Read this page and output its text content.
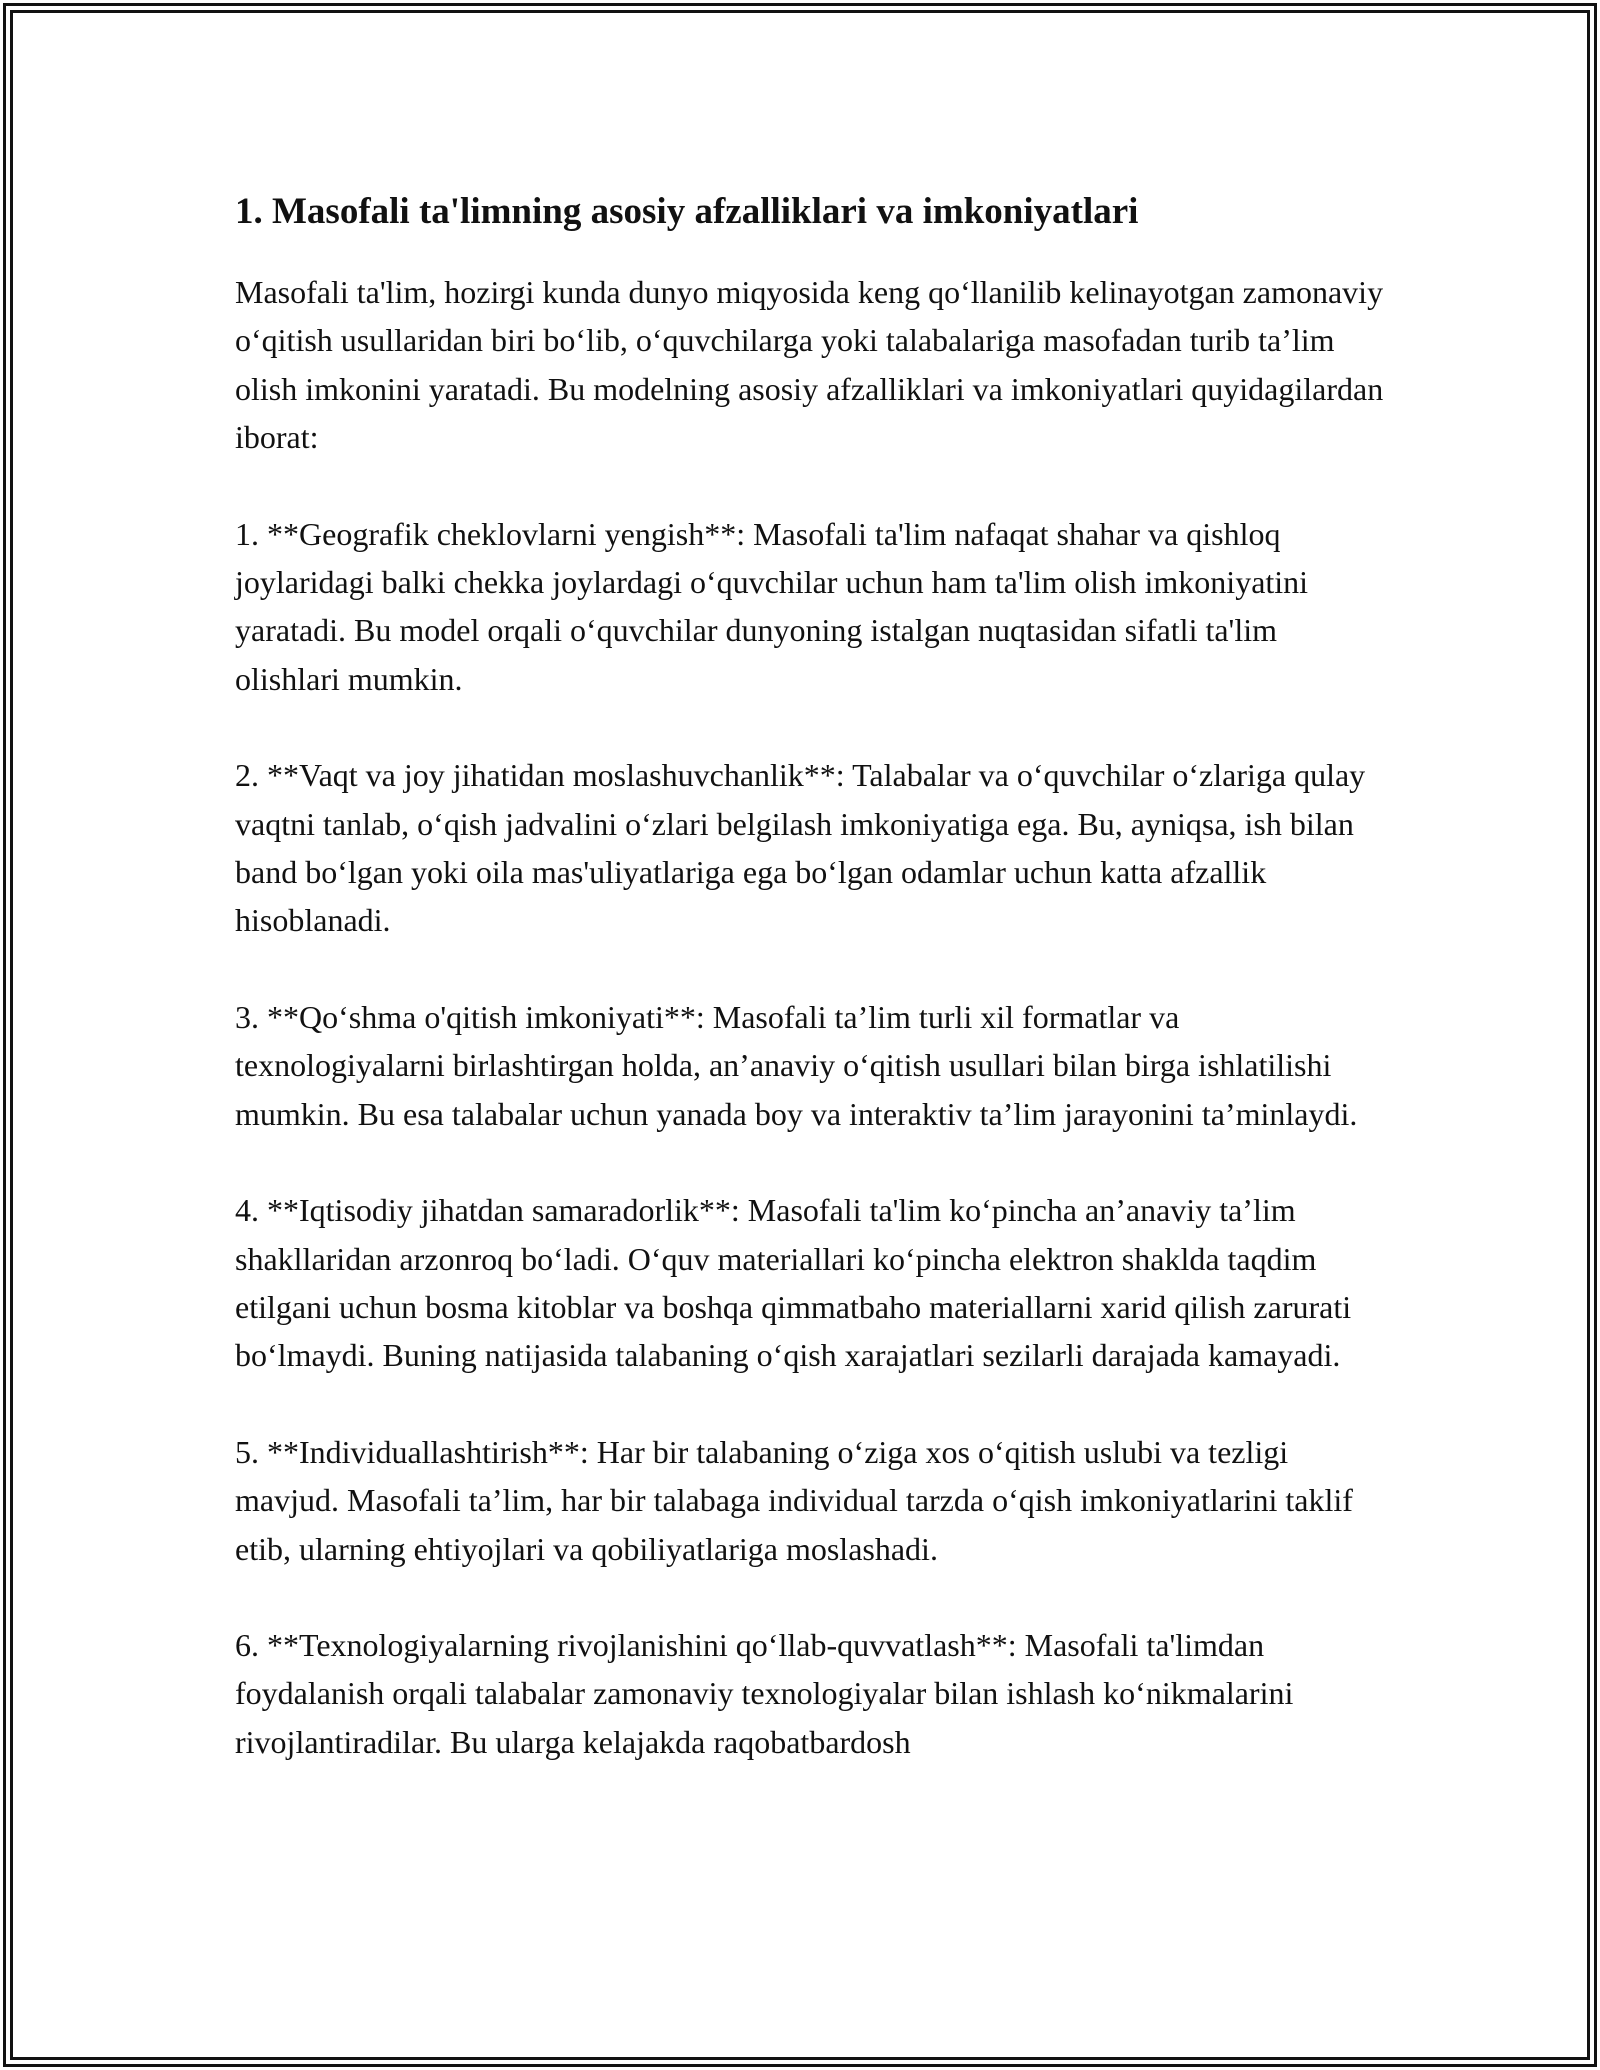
1. Masofali ta'limning asosiy afzalliklari va imkoniyatlari

Masofali ta'lim, hozirgi kunda dunyo miqyosida keng qo‘llanilib kelinayotgan zamonaviy o‘qitish usullaridan biri bo‘lib, o‘quvchilarga yoki talabalariga masofadan turib ta’lim olish imkonini yaratadi. Bu modelning asosiy afzalliklari va imkoniyatlari quyidagilardan iborat:

1. **Geografik cheklovlarni yengish**: Masofali ta'lim nafaqat shahar va qishloq joylaridagi balki chekka joylardagi o‘quvchilar uchun ham ta'lim olish imkoniyatini yaratadi. Bu model orqali o‘quvchilar dunyoning istalgan nuqtasidan sifatli ta'lim olishlari mumkin.

2. **Vaqt va joy jihatidan moslashuvchanlik**: Talabalar va o‘quvchilar o‘zlariga qulay vaqtni tanlab, o‘qish jadvalini o‘zlari belgilash imkoniyatiga ega. Bu, ayniqsa, ish bilan band bo‘lgan yoki oila mas'uliyatlariga ega bo‘lgan odamlar uchun katta afzallik hisoblanadi.

3. **Qo‘shma o'qitish imkoniyati**: Masofali ta’lim turli xil formatlar va texnologiyalarni birlashtirgan holda, an’anaviy o‘qitish usullari bilan birga ishlatilishi mumkin. Bu esa talabalar uchun yanada boy va interaktiv ta’lim jarayonini ta’minlaydi.

4. **Iqtisodiy jihatdan samaradorlik**: Masofali ta'lim ko‘pincha an’anaviy ta’lim shakllaridan arzonroq bo‘ladi. O‘quv materiallari ko‘pincha elektron shaklda taqdim etilgani uchun bosma kitoblar va boshqa qimmatbaho materiallarni xarid qilish zarurati bo‘lmaydi. Buning natijasida talabaning o‘qish xarajatlari sezilarli darajada kamayadi.

5. **Individuallashtirish**: Har bir talabaning o‘ziga xos o‘qitish uslubi va tezligi mavjud. Masofali ta’lim, har bir talabaga individual tarzda o‘qish imkoniyatlarini taklif etib, ularning ehtiyojlari va qobiliyatlariga moslashadi.

6. **Texnologiyalarning rivojlanishini qo‘llab-quvvatlash**: Masofali ta'limdan foydalanish orqali talabalar zamonaviy texnologiyalar bilan ishlash ko‘nikmalarini rivojlantiradilar. Bu ularga kelajakda raqobatbardosh
